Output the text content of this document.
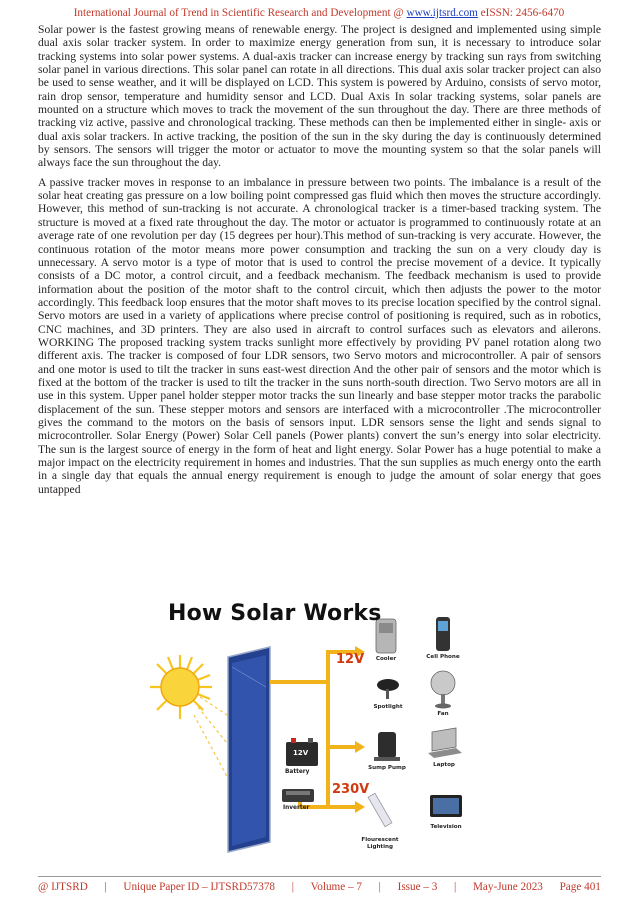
International Journal of Trend in Scientific Research and Development @ www.ijtsrd.com eISSN: 2456-6470

Solar power is the fastest growing means of renewable energy. The project is designed and implemented using simple dual axis solar tracker system. In order to maximize energy generation from sun, it is necessary to introduce solar tracking systems into solar power systems. A dual-axis tracker can increase energy by tracking sun rays from switching solar panel in various directions. This solar panel can rotate in all directions. This dual axis solar tracker project can also be used to sense weather, and it will be displayed on LCD. This system is powered by Arduino, consists of servo motor, rain drop sensor, temperature and humidity sensor and LCD. Dual Axis In solar tracking systems, solar panels are mounted on a structure which moves to track the movement of the sun throughout the day. There are three methods of tracking viz active, passive and chronological tracking. These methods can then be implemented either in single- axis or dual axis solar trackers. In active tracking, the position of the sun in the sky during the day is continuously determined by sensors. The sensors will trigger the motor or actuator to move the mounting system so that the solar panels will always face the sun throughout the day.

A passive tracker moves in response to an imbalance in pressure between two points. The imbalance is a result of the solar heat creating gas pressure on a low boiling point compressed gas fluid which then moves the structure accordingly. However, this method of sun-tracking is not accurate. A chronological tracker is a timer-based tracking system. The structure is moved at a fixed rate throughout the day. The motor or actuator is programmed to continuously rotate at an average rate of one revolution per day (15 degrees per hour).This method of sun-tracking is very accurate. However, the continuous rotation of the motor means more power consumption and tracking the sun on a very cloudy day is unnecessary. A servo motor is a type of motor that is used to control the precise movement of a device. It typically consists of a DC motor, a control circuit, and a feedback mechanism. The feedback mechanism is used to provide information about the position of the motor shaft to the control circuit, which then adjusts the power to the motor accordingly. This feedback loop ensures that the motor shaft moves to its precise location specified by the control signal. Servo motors are used in a variety of applications where precise control of positioning is required, such as in robotics, CNC machines, and 3D printers. They are also used in aircraft to control surfaces such as elevators and ailerons. WORKING The proposed tracking system tracks sunlight more effectively by providing PV panel rotation along two different axis. The tracker is composed of four LDR sensors, two Servo motors and microcontroller. A pair of sensors and one motor is used to tilt the tracker in suns east-west direction And the other pair of sensors and the motor which is fixed at the bottom of the tracker is used to tilt the tracker in the suns north-south direction. Two Servo motors are all in use in this system. Upper panel holder stepper motor tracks the sun linearly and base stepper motor tracks the parabolic displacement of the sun. These stepper motors and sensors are interfaced with a microcontroller .The microcontroller gives the command to the motors on the basis of sensors input. LDR sensors sense the light and sends signal to microcontroller. Solar Energy (Power) Solar Cell panels (Power plants) convert the sun’s energy into solar electricity. The sun is the largest source of energy in the form of heat and light energy. Solar Power has a huge potential to make a major impact on the electricity requirement in homes and industries. That the sun supplies as much energy onto the earth in a single day that equals the annual energy requirement is enough to judge the amount of solar energy that goes untapped

How Solar Works
12V
230V
12V
Battery
Inverter
Cooler	Cell Phone
Spotlight
Fan
Sump Pump	Laptop
Flourescent Lighting
Television
@ IJTSRD | Unique Paper ID – IJTSRD57378 | Volume – 7 | Issue – 3 | May-June 2023 Page 401
